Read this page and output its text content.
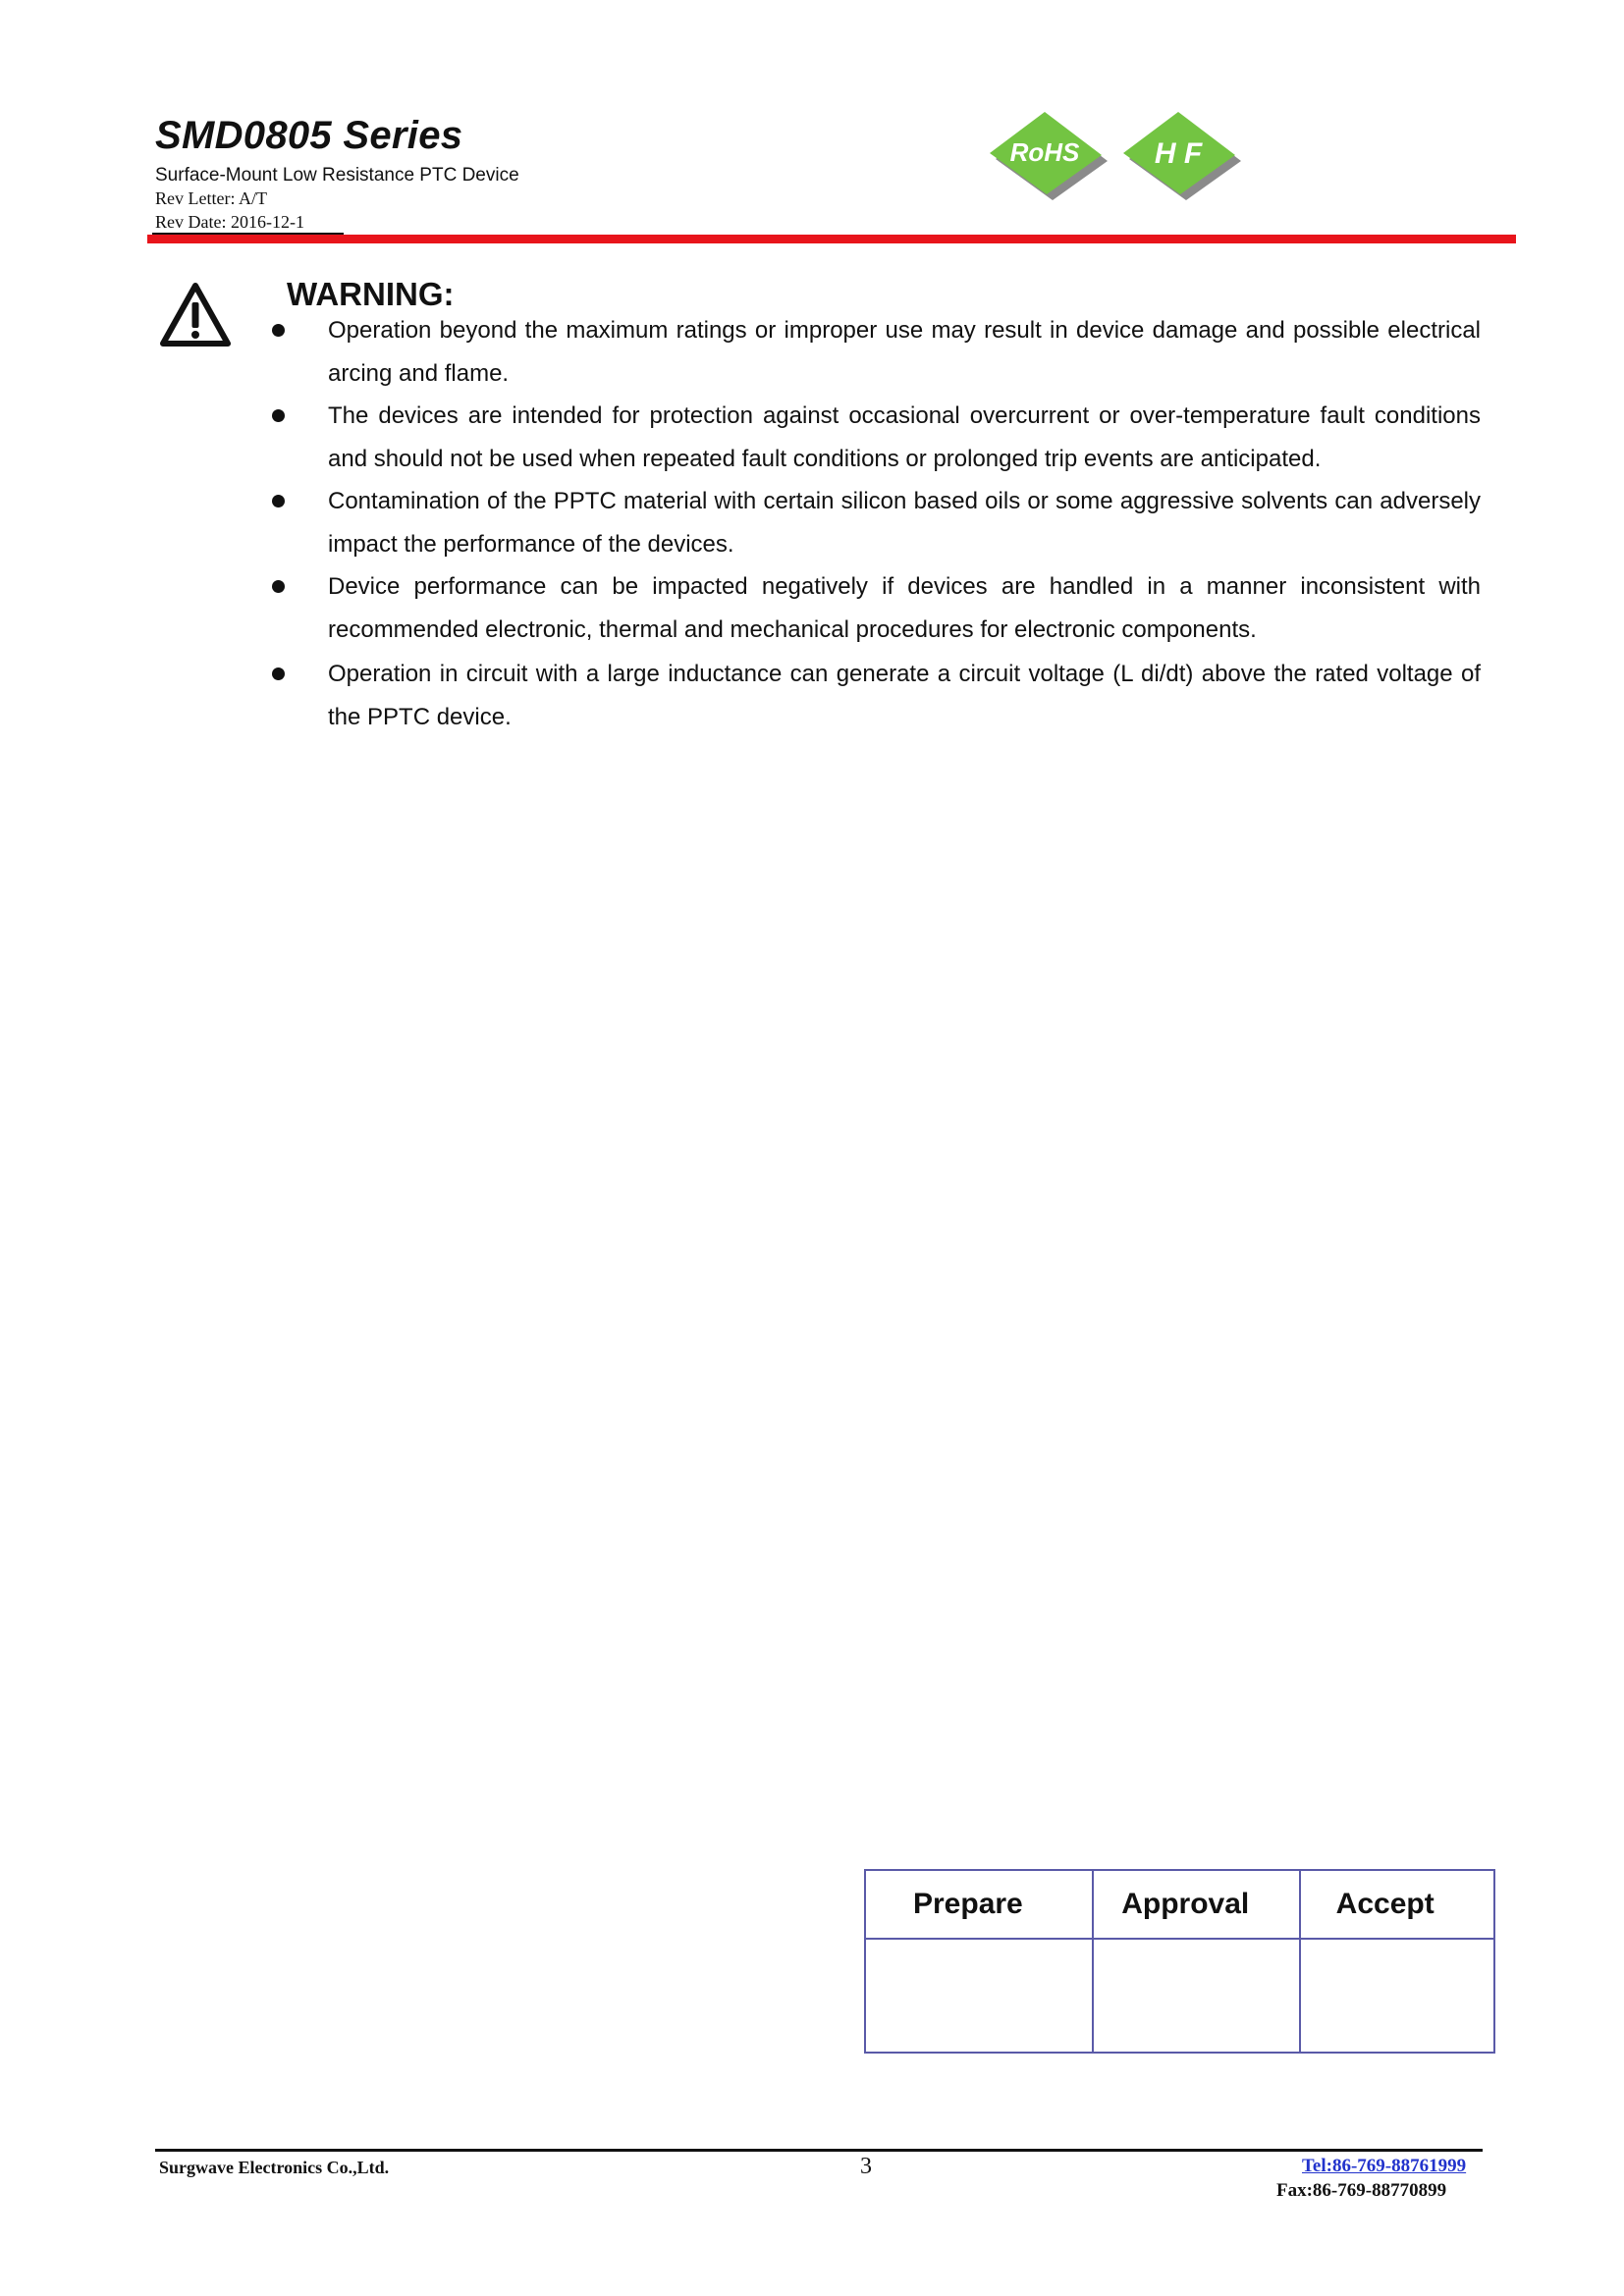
SMD0805 Series
Surface-Mount Low Resistance PTC Device
Rev Letter: A/T
Rev Date: 2016-12-1
RoHS	H F
WARNING:
Operation beyond the maximum ratings or improper use may result in device damage and possible electrical arcing and flame.
The devices are intended for protection against occasional overcurrent or over-temperature fault conditions and should not be used when repeated fault conditions or prolonged trip events are anticipated.
Contamination of the PPTC material with certain silicon based oils or some aggressive solvents can adversely impact the performance of the devices.
Device performance can be impacted negatively if devices are handled in a manner inconsistent with recommended electronic, thermal and mechanical procedures for electronic components.
Operation in circuit with a large inductance can generate a circuit voltage (L di/dt) above the rated voltage of the PPTC device.
Prepare	Approval	Accept

Surgwave Electronics Co.,Ltd.	3	Tel:86-769-88761999
Fax:86-769-88770899
